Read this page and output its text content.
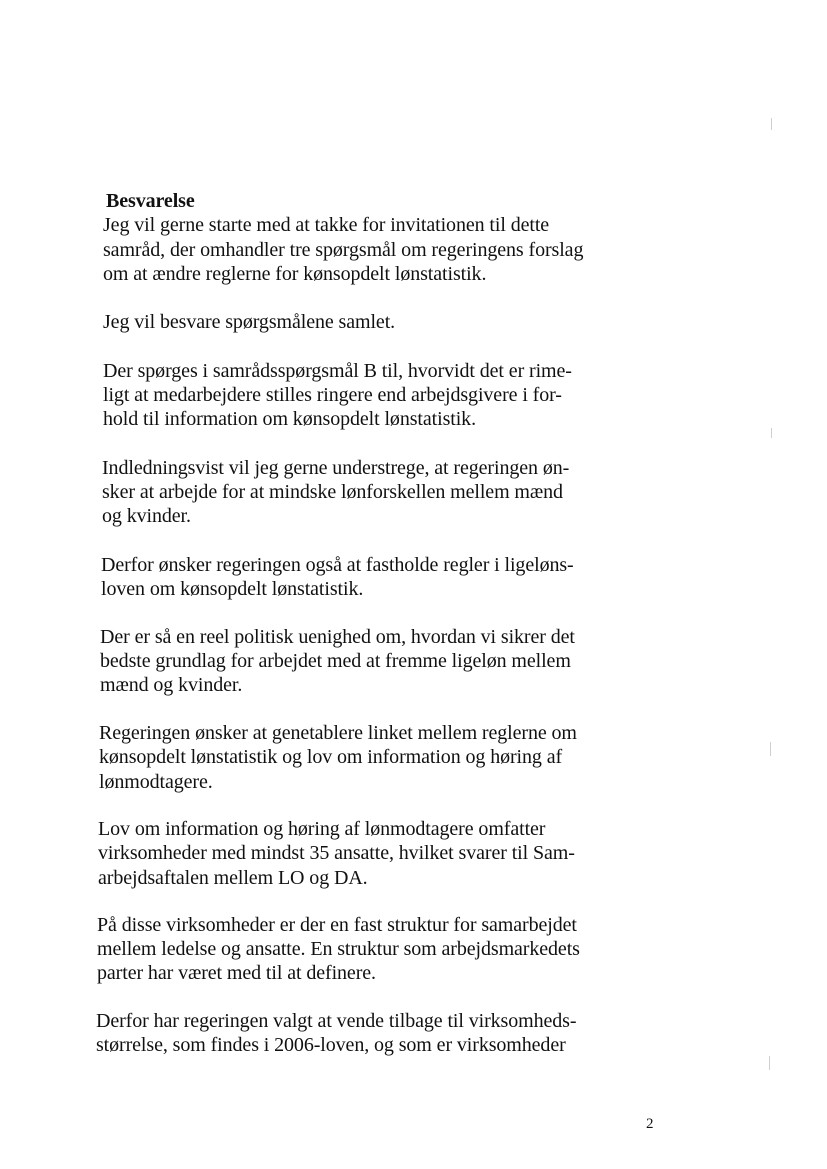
Besvarelse
Jeg vil gerne starte med at takke for invitationen til dette
samråd, der omhandler tre spørgsmål om regeringens forslag
om at ændre reglerne for kønsopdelt lønstatistik.
Jeg vil besvare spørgsmålene samlet.
Der spørges i samrådsspørgsmål B til, hvorvidt det er rime-
ligt at medarbejdere stilles ringere end arbejdsgivere i for-
hold til information om kønsopdelt lønstatistik.
Indledningsvist vil jeg gerne understrege, at regeringen øn-
sker at arbejde for at mindske lønforskellen mellem mænd
og kvinder.
Derfor ønsker regeringen også at fastholde regler i ligeløns-
loven om kønsopdelt lønstatistik.
Der er så en reel politisk uenighed om, hvordan vi sikrer det
bedste grundlag for arbejdet med at fremme ligeløn mellem
mænd og kvinder.
Regeringen ønsker at genetablere linket mellem reglerne om
kønsopdelt lønstatistik og lov om information og høring af
lønmodtagere.
Lov om information og høring af lønmodtagere omfatter
virksomheder med mindst 35 ansatte, hvilket svarer til Sam-
arbejdsaftalen mellem LO og DA.
På disse virksomheder er der en fast struktur for samarbejdet
mellem ledelse og ansatte. En struktur som arbejdsmarkedets
parter har været med til at definere.
Derfor har regeringen valgt at vende tilbage til virksomheds-
størrelse, som findes i 2006-loven, og som er virksomheder
2
